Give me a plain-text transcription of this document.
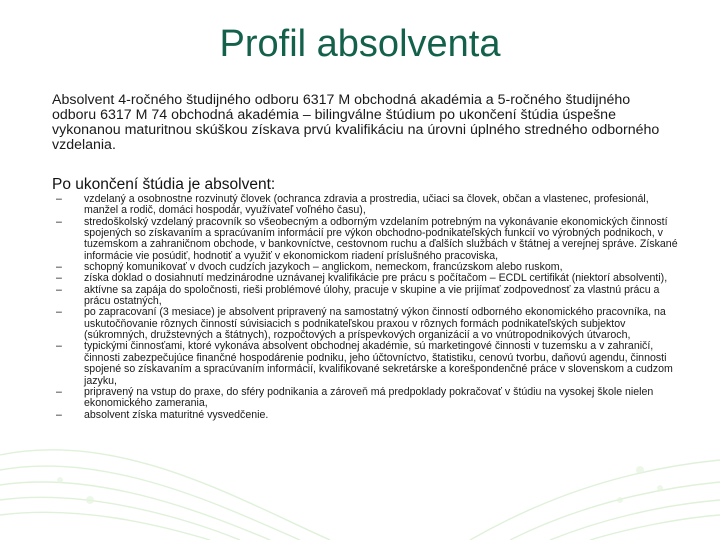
Profil absolventa
Absolvent 4-ročného študijného odboru 6317 M obchodná akadémia a 5-ročného študijného odboru 6317 M 74 obchodná akadémia – bilingválne štúdium po ukončení štúdia úspešne vykonanou maturitnou skúškou získava prvú kvalifikáciu na úrovni úplného stredného odborného vzdelania.
Po ukončení štúdia je absolvent:
– vzdelaný a osobnostne rozvinutý človek (ochranca zdravia a prostredia, učiaci sa človek, občan a vlastenec, profesionál, manžel a rodič, domáci hospodár, využívateľ voľného času),
– stredoškolský vzdelaný pracovník so všeobecným a odborným vzdelaním potrebným na vykonávanie ekonomických činností spojených so získavaním a spracúvaním informácií pre výkon obchodno-podnikateľských funkcií vo výrobných podnikoch, v tuzemskom a zahraničnom obchode, v bankovníctve, cestovnom ruchu a ďalších službách v štátnej a verejnej správe. Získané informácie vie posúdiť, hodnotiť a využiť v ekonomickom riadení príslušného pracoviska,
– schopný komunikovať v dvoch cudzích jazykoch – anglickom, nemeckom, francúzskom alebo ruskom,
– získa doklad o dosiahnutí medzinárodne uznávanej kvalifikácie pre prácu s počítačom – ECDL certifikát (niektorí absolventi),
– aktívne sa zapája do spoločnosti, rieši problémové úlohy, pracuje v skupine a vie prijímať zodpovednosť za vlastnú prácu a prácu ostatných,
– po zapracovaní (3 mesiace) je absolvent pripravený na samostatný výkon činností odborného ekonomického pracovníka, na uskutočňovanie rôznych činností súvisiacich s podnikateľskou praxou v rôznych formách podnikateľských subjektov (súkromných, družstevných a štátnych), rozpočtových a príspevkových organizácií a vo vnútropodnikových útvaroch,
– typickými činnosťami, ktoré vykonáva absolvent obchodnej akadémie, sú marketingové činnosti v tuzemsku a v zahraničí, činnosti zabezpečujúce finančné hospodárenie podniku, jeho účtovníctvo, štatistiku, cenovú tvorbu, daňovú agendu, činnosti spojené so získavaním a spracúvaním informácií, kvalifikované sekretárske a korešpondenčné práce v slovenskom a cudzom jazyku,
– pripravený na vstup do praxe, do sféry podnikania a zároveň má predpoklady pokračovať v štúdiu na vysokej škole nielen ekonomického zamerania,
– absolvent získa maturitné vysvedčenie.
